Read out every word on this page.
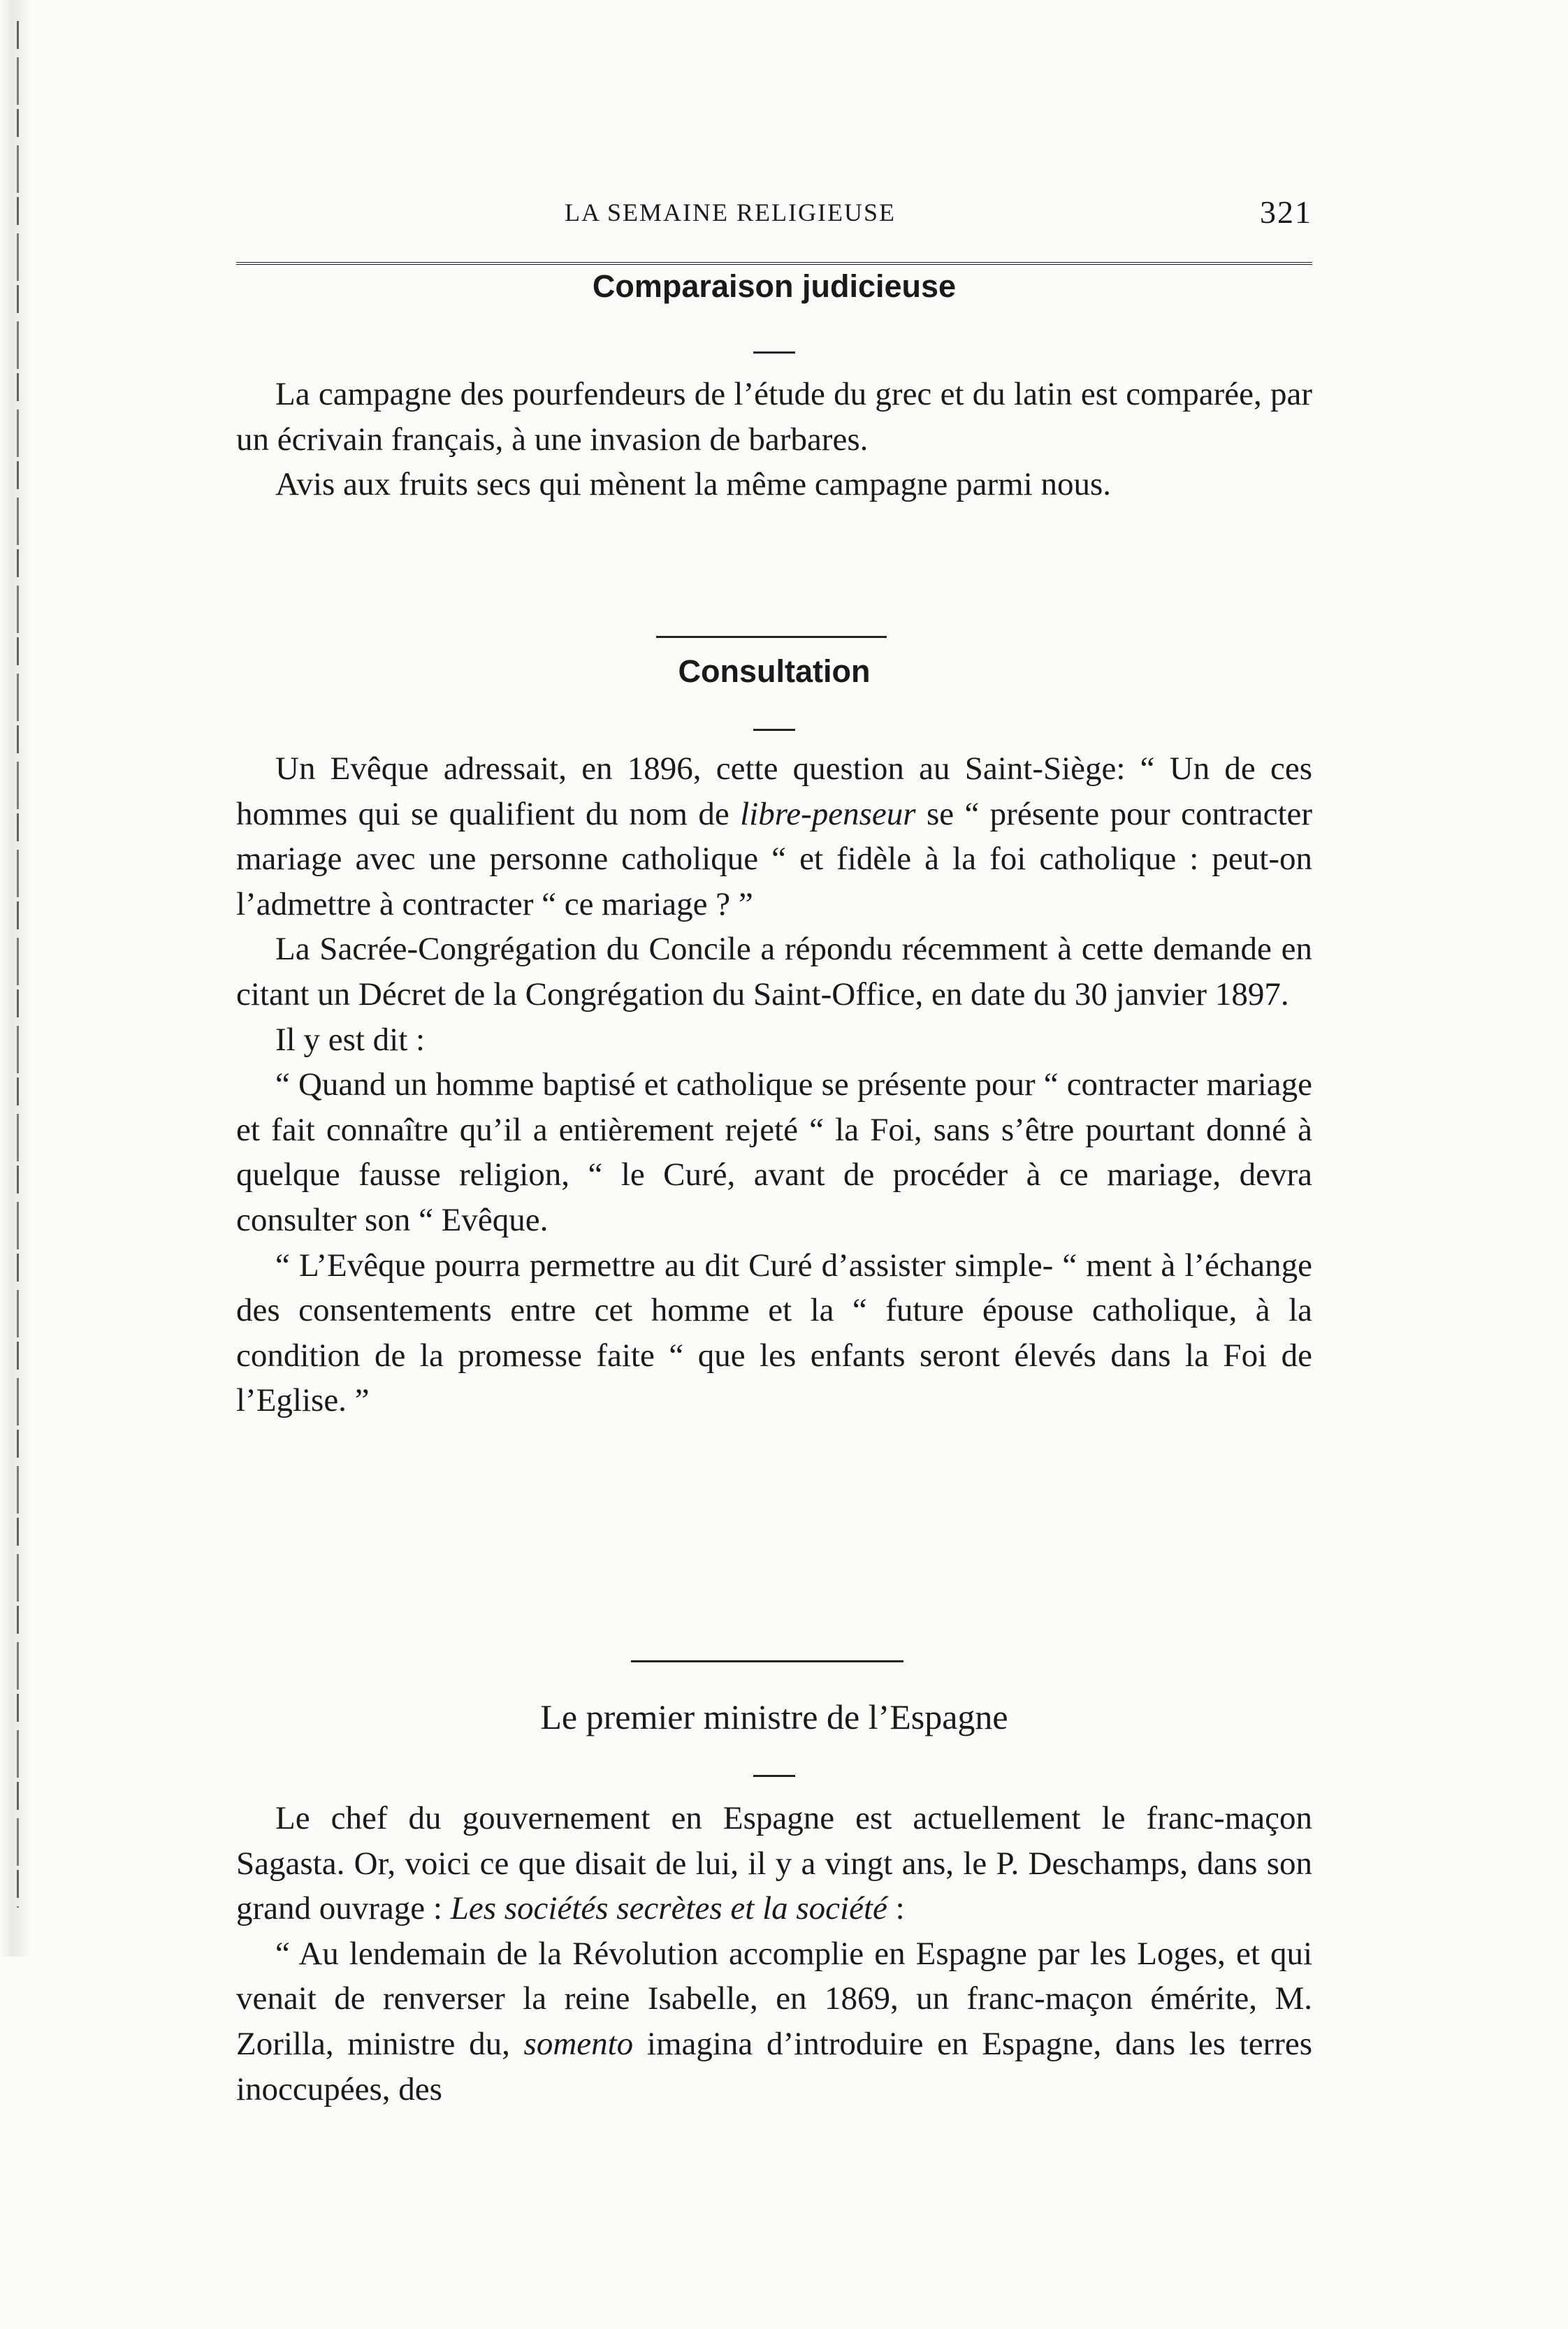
LA SEMAINE RELIGIEUSE	321
Comparaison judicieuse

La campagne des pourfendeurs de l’étude du grec et du latin est comparée, par un écrivain français, à une invasion de barbares.

Avis aux fruits secs qui mènent la même campagne parmi nous.

Consultation

Un Evêque adressait, en 1896, cette question au Saint-Siège: “ Un de ces hommes qui se qualifient du nom de libre-penseur se “ présente pour contracter mariage avec une personne catholique “ et fidèle à la foi catholique : peut-on l’admettre à contracter “ ce mariage ? ”

La Sacrée-Congrégation du Concile a répondu récemment à cette demande en citant un Décret de la Congrégation du Saint-Office, en date du 30 janvier 1897.

Il y est dit :

“ Quand un homme baptisé et catholique se présente pour “ contracter mariage et fait connaître qu’il a entièrement rejeté “ la Foi, sans s’être pourtant donné à quelque fausse religion, “ le Curé, avant de procéder à ce mariage, devra consulter son “ Evêque.

“ L’Evêque pourra permettre au dit Curé d’assister simple- “ ment à l’échange des consentements entre cet homme et la “ future épouse catholique, à la condition de la promesse faite “ que les enfants seront élevés dans la Foi de l’Eglise. ”

Le premier ministre de l’Espagne

Le chef du gouvernement en Espagne est actuellement le franc-maçon Sagasta. Or, voici ce que disait de lui, il y a vingt ans, le P. Deschamps, dans son grand ouvrage : Les sociétés secrètes et la société :

“ Au lendemain de la Révolution accomplie en Espagne par les Loges, et qui venait de renverser la reine Isabelle, en 1869, un franc-maçon émérite, M. Zorilla, ministre du, somento imagina d’introduire en Espagne, dans les terres inoccupées, des
